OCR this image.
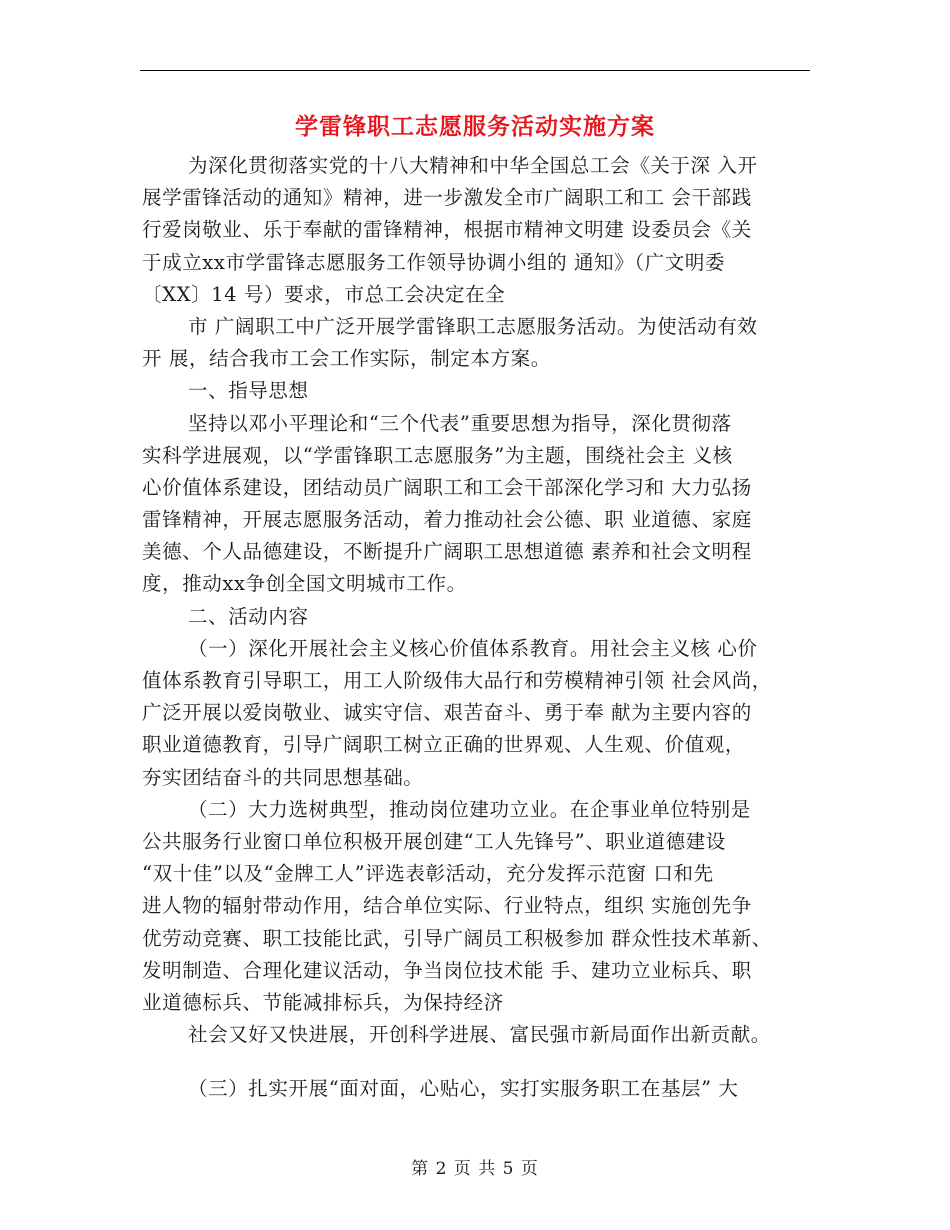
学雷锋职工志愿服务活动实施方案
为深化贯彻落实党的十八大精神和中华全国总工会《关于深 入开
展学雷锋活动的通知》精神，进一步激发全市广阔职工和工 会干部践
行爱岗敬业、乐于奉献的雷锋精神，根据市精神文明建 设委员会《关
于成立xx市学雷锋志愿服务工作领导协调小组的 通知》（广文明委
〔XX〕14 号）要求，市总工会决定在全
市 广阔职工中广泛开展学雷锋职工志愿服务活动。为使活动有效
开 展，结合我市工会工作实际，制定本方案。
一、指导思想
坚持以邓小平理论和“三个代表”重要思想为指导，深化贯彻落
实科学进展观，以“学雷锋职工志愿服务”为主题，围绕社会主 义核
心价值体系建设，团结动员广阔职工和工会干部深化学习和 大力弘扬
雷锋精神，开展志愿服务活动，着力推动社会公德、职 业道德、家庭
美德、个人品德建设，不断提升广阔职工思想道德 素养和社会文明程
度，推动xx争创全国文明城市工作。
二、活动内容
（一）深化开展社会主义核心价值体系教育。用社会主义核 心价
值体系教育引导职工，用工人阶级伟大品行和劳模精神引领 社会风尚，
广泛开展以爱岗敬业、诚实守信、艰苦奋斗、勇于奉 献为主要内容的
职业道德教育，引导广阔职工树立正确的世界观、人生观、价值观，
夯实团结奋斗的共同思想基础。
（二）大力选树典型，推动岗位建功立业。在企事业单位特别是
公共服务行业窗口单位积极开展创建“工人先锋号”、职业道德建设
“双十佳”以及“金牌工人”评选表彰活动，充分发挥示范窗 口和先
进人物的辐射带动作用，结合单位实际、行业特点，组织 实施创先争
优劳动竞赛、职工技能比武，引导广阔员工积极参加 群众性技术革新、
发明制造、合理化建议活动，争当岗位技术能 手、建功立业标兵、职
业道德标兵、节能减排标兵，为保持经济
社会又好又快进展，开创科学进展、富民强市新局面作出新贡献。
（三）扎实开展“面对面，心贴心，实打实服务职工在基层” 大
第 2 页 共 5 页
